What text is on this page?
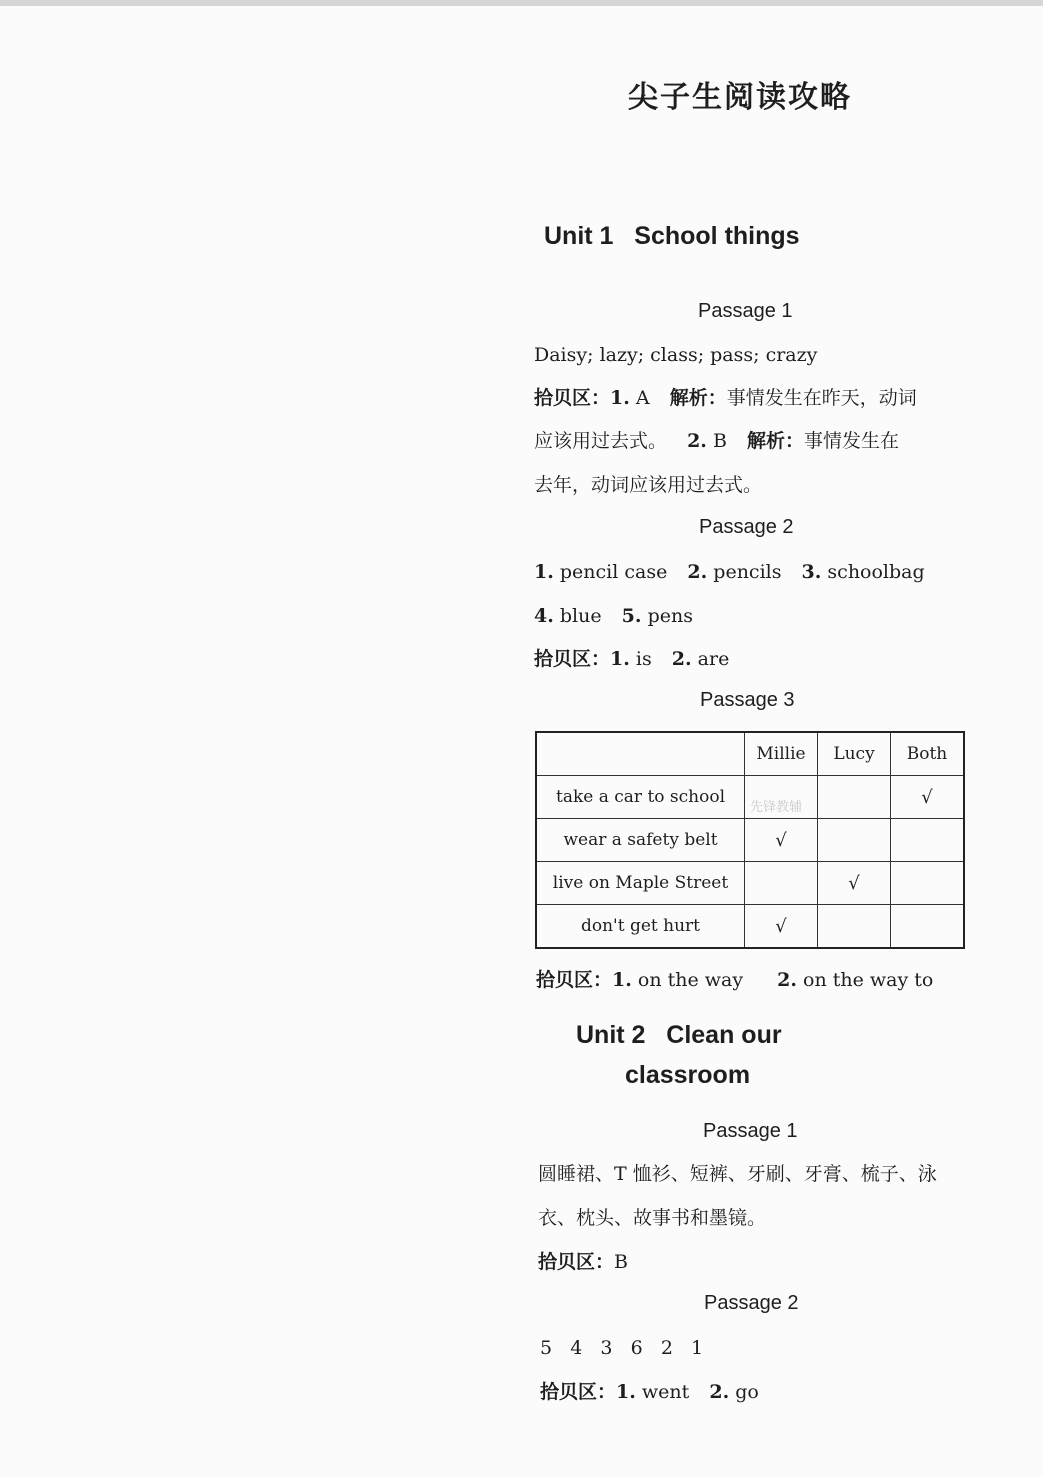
尖子生阅读攻略
Unit 1   School things
Passage 1
Daisy; lazy; class; pass; crazy
拾贝区：1. A 解析：事情发生在昨天，动词
应该用过去式。 2. B 解析：事情发生在
去年，动词应该用过去式。
Passage 2
1. pencil case 2. pencils 3. schoolbag
4. blue 5. pens
拾贝区：1. is 2. are
Passage 3
	Millie	Lucy	Both
take a car to school			√
wear a safety belt	√		
live on Maple Street		√	
don't get hurt	√		
先锋教辅
拾贝区：1. on the way 2. on the way to
Unit 2   Clean our
classroom
Passage 1
圆睡裙、T 恤衫、短裤、牙刷、牙膏、梳子、泳
衣、枕头、故事书和墨镜。
拾贝区：B
Passage 2
5   4   3   6   2   1
拾贝区：1. went 2. go
